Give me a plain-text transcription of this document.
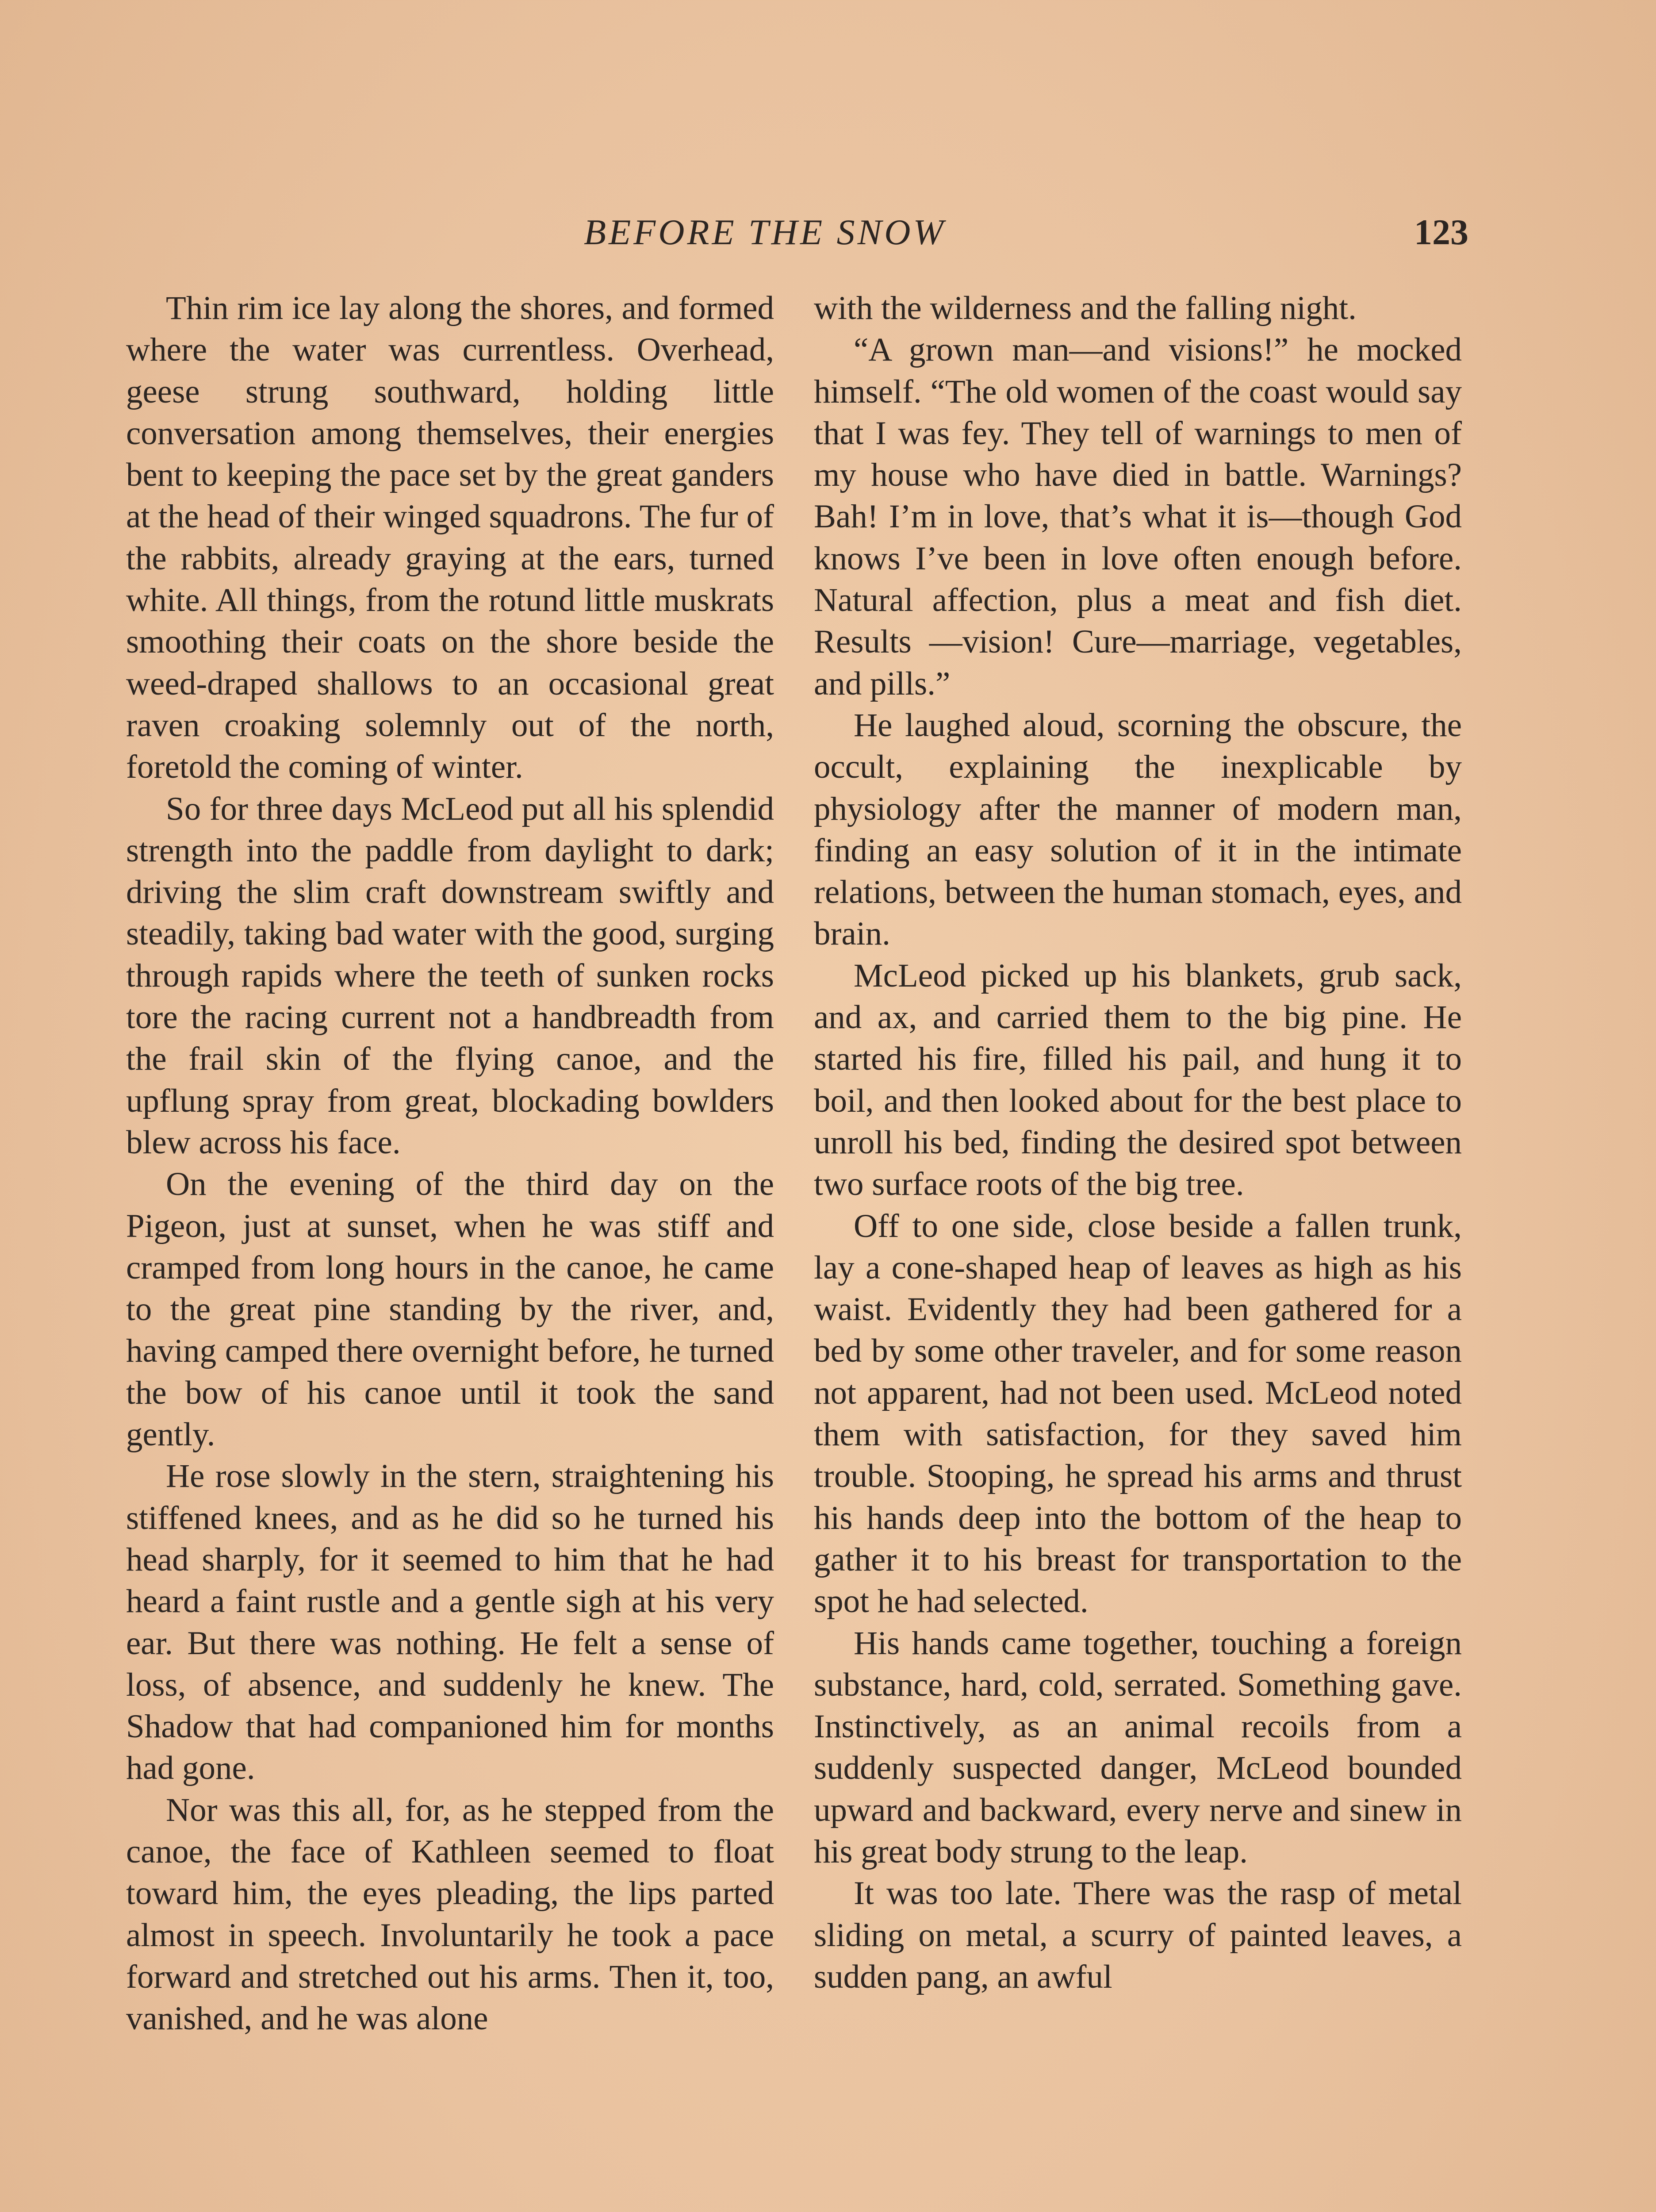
BEFORE THE SNOW	123

Thin rim ice lay along the shores, and formed where the water was currentless. Overhead, geese strung southward, holding little conversation among themselves, their energies bent to keeping the pace set by the great ganders at the head of their winged squadrons. The fur of the rabbits, already graying at the ears, turned white. All things, from the rotund little muskrats smoothing their coats on the shore beside the weed-draped shallows to an occasional great raven croaking solemnly out of the north, foretold the coming of winter.

So for three days McLeod put all his splendid strength into the paddle from daylight to dark; driving the slim craft downstream swiftly and steadily, taking bad water with the good, surging through rapids where the teeth of sunken rocks tore the racing current not a handbreadth from the frail skin of the flying canoe, and the upflung spray from great, blockading bowlders blew across his face.

On the evening of the third day on the Pigeon, just at sunset, when he was stiff and cramped from long hours in the canoe, he came to the great pine standing by the river, and, having camped there overnight before, he turned the bow of his canoe until it took the sand gently.

He rose slowly in the stern, straightening his stiffened knees, and as he did so he turned his head sharply, for it seemed to him that he had heard a faint rustle and a gentle sigh at his very ear. But there was nothing. He felt a sense of loss, of absence, and suddenly he knew. The Shadow that had companioned him for months had gone.

Nor was this all, for, as he stepped from the canoe, the face of Kathleen seemed to float toward him, the eyes pleading, the lips parted almost in speech. Involuntarily he took a pace forward and stretched out his arms. Then it, too, vanished, and he was alone

with the wilderness and the falling night.

“A grown man—and visions!” he mocked himself. “The old women of the coast would say that I was fey. They tell of warnings to men of my house who have died in battle. Warnings? Bah! I’m in love, that’s what it is—though God knows I’ve been in love often enough before. Natural affection, plus a meat and fish diet. Results —vision! Cure—marriage, vegetables, and pills.”

He laughed aloud, scorning the obscure, the occult, explaining the inexplicable by physiology after the manner of modern man, finding an easy solution of it in the intimate relations, between the human stomach, eyes, and brain.

McLeod picked up his blankets, grub sack, and ax, and carried them to the big pine. He started his fire, filled his pail, and hung it to boil, and then looked about for the best place to unroll his bed, finding the desired spot between two surface roots of the big tree.

Off to one side, close beside a fallen trunk, lay a cone-shaped heap of leaves as high as his waist. Evidently they had been gathered for a bed by some other traveler, and for some reason not apparent, had not been used. McLeod noted them with satisfaction, for they saved him trouble. Stooping, he spread his arms and thrust his hands deep into the bottom of the heap to gather it to his breast for transportation to the spot he had selected.

His hands came together, touching a foreign substance, hard, cold, serrated. Something gave. Instinctively, as an animal recoils from a suddenly suspected danger, McLeod bounded upward and backward, every nerve and sinew in his great body strung to the leap.

It was too late. There was the rasp of metal sliding on metal, a scurry of painted leaves, a sudden pang, an awful
